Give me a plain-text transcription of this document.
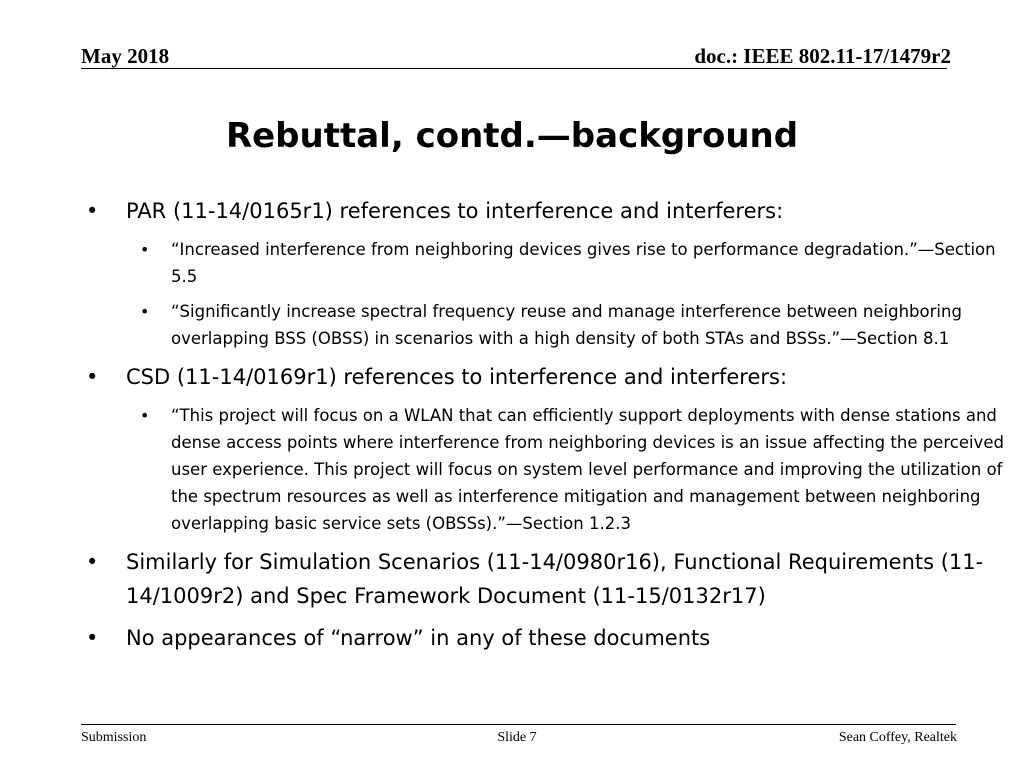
May 2018	doc.: IEEE 802.11-17/1479r2
Rebuttal, contd.—background
• PAR (11-14/0165r1) references to interference and interferers:
• “Increased interference from neighboring devices gives rise to performance degradation.”—Section 5.5
• “Significantly increase spectral frequency reuse and manage interference between neighboring overlapping BSS (OBSS) in scenarios with a high density of both STAs and BSSs.”—Section 8.1
• CSD (11-14/0169r1) references to interference and interferers:
• “This project will focus on a WLAN that can efficiently support deployments with dense stations and dense access points where interference from neighboring devices is an issue affecting the perceived user experience. This project will focus on system level performance and improving the utilization of the spectrum resources as well as interference mitigation and management between neighboring overlapping basic service sets (OBSSs).”—Section 1.2.3
• Similarly for Simulation Scenarios (11-14/0980r16), Functional Requirements (11-14/1009r2) and Spec Framework Document (11-15/0132r17)
• No appearances of “narrow” in any of these documents
Submission	Slide 7	Sean Coffey, Realtek
